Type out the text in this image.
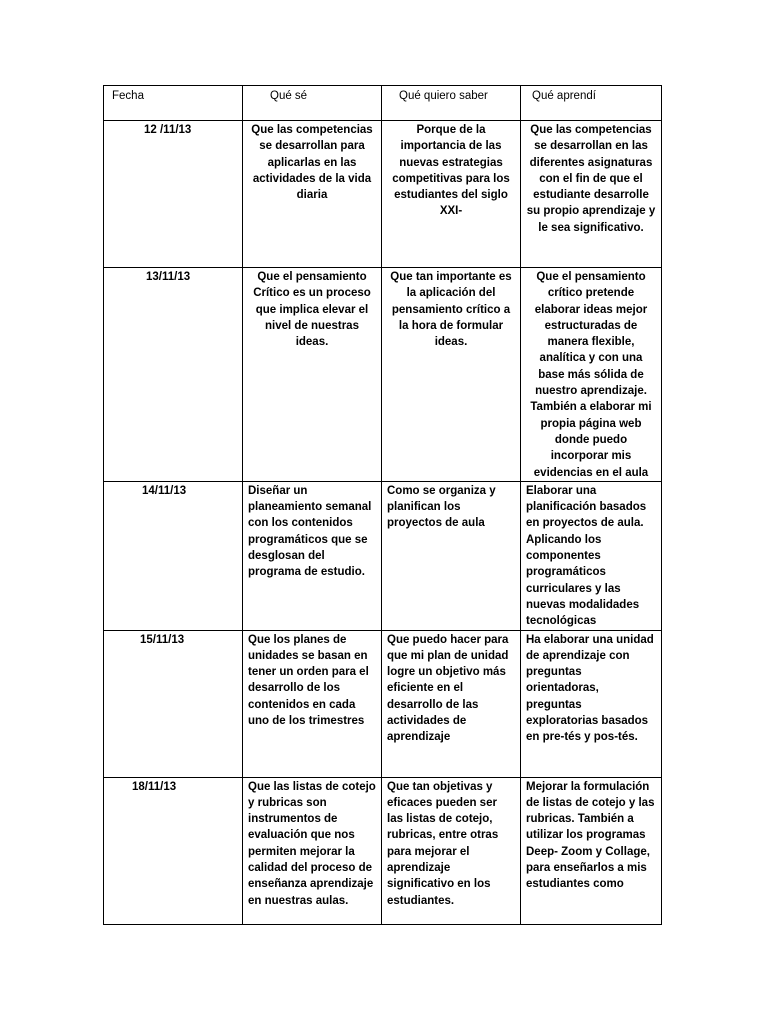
Fecha	Qué sé	Qué quiero saber	Qué aprendí
12 /11/13	Que las competencias se desarrollan para aplicarlas en las actividades de la vida diaria	Porque de la importancia de las nuevas estrategias competitivas para los estudiantes del siglo XXI-	Que las competencias se desarrollan en las diferentes asignaturas con el fin de que el estudiante desarrolle su propio aprendizaje y le sea significativo.
13/11/13	Que el pensamiento Crítico es un proceso que implica elevar el nivel de nuestras ideas.	Que tan importante es la aplicación del pensamiento crítico a la hora de formular ideas.	Que el pensamiento crítico pretende elaborar ideas mejor estructuradas de manera flexible, analítica y con una base más sólida de nuestro aprendizaje. También a elaborar mi propia página web donde puedo incorporar mis evidencias en el aula
14/11/13	Diseñar un planeamiento semanal con los contenidos programáticos que se desglosan del programa de estudio.	Como se organiza y planifican los proyectos de aula	Elaborar una planificación basados en proyectos de aula. Aplicando los componentes programáticos curriculares y las nuevas modalidades tecnológicas
15/11/13	Que los planes de unidades se basan en tener un orden para el desarrollo de los contenidos en cada uno de los trimestres	Que puedo hacer para que mi plan de unidad logre un objetivo más eficiente en el desarrollo de las actividades de aprendizaje	Ha elaborar una unidad de aprendizaje con preguntas orientadoras, preguntas exploratorias basados en pre-tés y pos-tés.
18/11/13	Que las listas de cotejo y rubricas son instrumentos de evaluación que nos permiten mejorar la calidad del proceso de enseñanza aprendizaje en nuestras aulas.	Que tan objetivas y eficaces pueden ser las listas de cotejo, rubricas, entre otras para mejorar el aprendizaje significativo en los estudiantes.	Mejorar la formulación de listas de cotejo y las rubricas. También a utilizar los programas Deep- Zoom y Collage, para enseñarlos a mis estudiantes como
